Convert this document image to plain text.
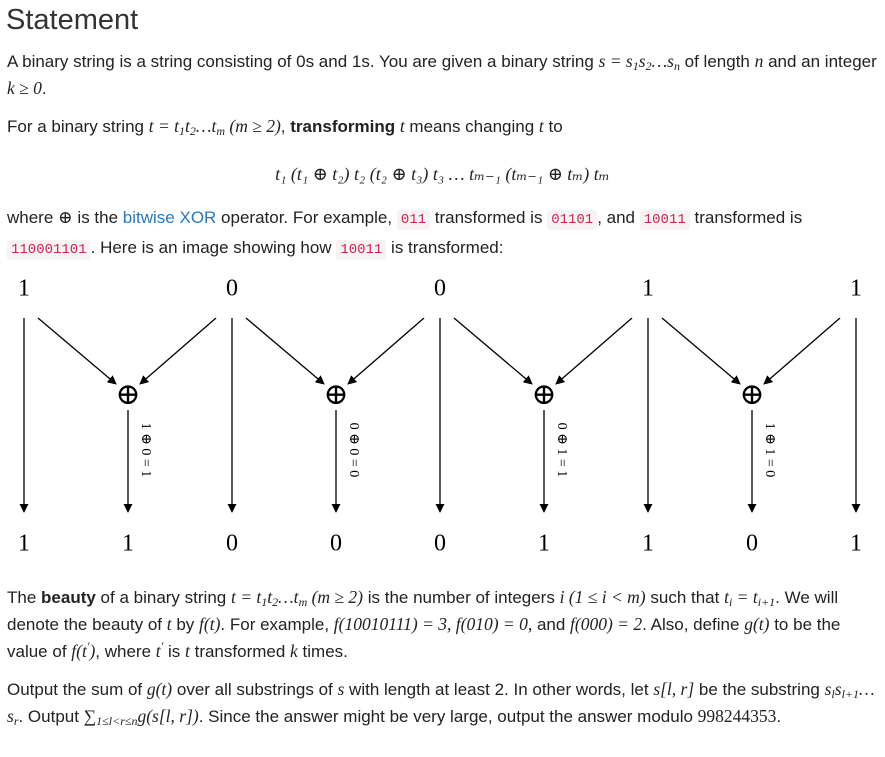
Statement

A binary string is a string consisting of 0s and 1s. You are given a binary string $s = s_1s_2\dots s_n$ of length n and an integer k ≥ 0.

For a binary string $t = t_1t_2\dots t_m$ (m ≥ 2), transforming t means changing t to

t₁ (t₁ ⊕ t₂) t₂ (t₂ ⊕ t₃) t₃ … tₘ₋₁ (tₘ₋₁ ⊕ tₘ) tₘ

where ⊕ is the bitwise XOR operator. For example, 011 transformed is 01101 , and 10011 transformed is 110001101 . Here is an image showing how 10011 is transformed:

1	0	0	1	1
⊕
1 ⊕ 0 = 1
⊕
0 ⊕ 0 = 0
⊕
0 ⊕ 1 = 1
⊕
1 ⊕ 1 = 0
1	1	0	0	0	1	1	0	1

The beauty of a binary string $t = t_1t_2\dots t_m$ (m ≥ 2) is the number of integers i (1 ≤ i < m) such that $t_i = t_{i+1}$. We will denote the beauty of t by f(t). For example, f(10010111) = 3, f(010) = 0, and f(000) = 2. Also, define g(t) to be the value of f(t′), where t′ is t transformed k times.

Output the sum of g(t) over all substrings of s with length at least 2. In other words, let s[l, r] be the substring $s_ls_{l+1}\dots s_r$. Output $\sum_{1\le l<r\le n}g(s[l$, r]). Since the answer might be very large, output the answer modulo 998244353.
